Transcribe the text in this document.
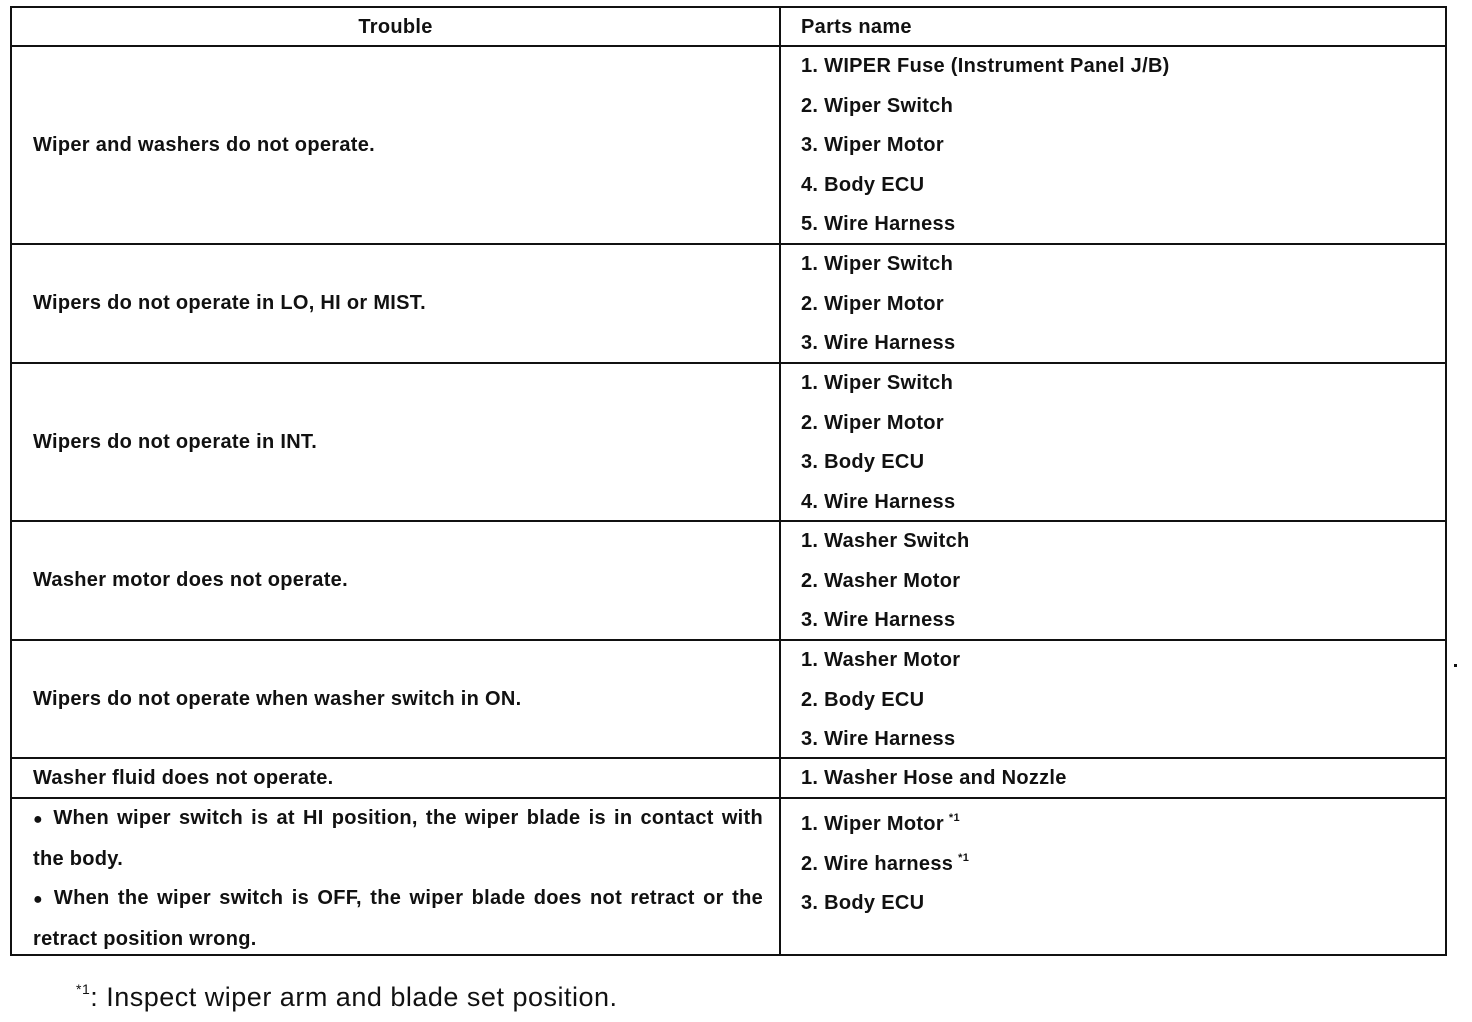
Trouble	Parts name
Wiper and washers do not operate.
1. WIPER Fuse (Instrument Panel J/B)
2. Wiper Switch
3. Wiper Motor
4. Body ECU
5. Wire Harness
Wipers do not operate in LO, HI or MIST.
1. Wiper Switch
2. Wiper Motor
3. Wire Harness
Wipers do not operate in INT.
1. Wiper Switch
2. Wiper Motor
3. Body ECU
4. Wire Harness
Washer motor does not operate.
1. Washer Switch
2. Washer Motor
3. Wire Harness
Wipers do not operate when washer switch in ON.
1. Washer Motor
2. Body ECU
3. Wire Harness
Washer fluid does not operate.	1. Washer Hose and Nozzle
● When wiper switch is at HI position, the wiper blade is in contact with the body.
● When the wiper switch is OFF, the wiper blade does not retract or the retract position wrong.
1. Wiper Motor $^{*1}$
2. Wire harness $^{*1}$
3. Body ECU
$^{*1}$: Inspect wiper arm and blade set position.
